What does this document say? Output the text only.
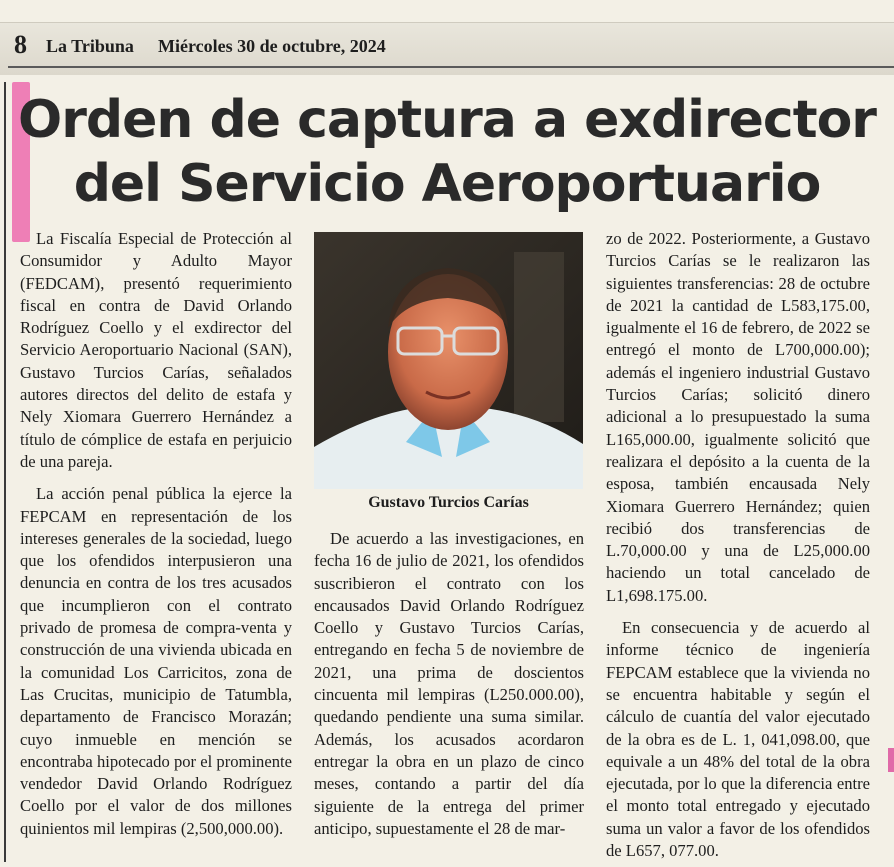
8 La Tribuna Miércoles 30 de octubre, 2024
Orden de captura a exdirector
del Servicio Aeroportuario

La Fiscalía Especial de Protección al Consumidor y Adulto Mayor (FEDCAM), presentó requerimiento fiscal en contra de David Orlando Rodríguez Coello y el exdirector del Servicio Aeroportuario Nacional (SAN), Gustavo Turcios Carías, señalados autores directos del delito de estafa y Nely Xiomara Guerrero Hernández a título de cómplice de estafa en perjuicio de una pareja.

La acción penal pública la ejerce la FEPCAM en representación de los intereses generales de la sociedad, luego que los ofendidos interpusieron una denuncia en contra de los tres acusados que incumplieron con el contrato privado de promesa de compra-venta y construcción de una vivienda ubicada en la comunidad Los Carricitos, zona de Las Crucitas, municipio de Tatumbla, departamento de Francisco Morazán; cuyo inmueble en mención se encontraba hipotecado por el prominente vendedor David Orlando Rodríguez Coello por el valor de dos millones quinientos mil lempiras (2,500,000.00).

Gustavo Turcios Carías

De acuerdo a las investigaciones, en fecha 16 de julio de 2021, los ofendidos suscribieron el contrato con los encausados David Orlando Rodríguez Coello y Gustavo Turcios Carías, entregando en fecha 5 de noviembre de 2021, una prima de doscientos cincuenta mil lempiras (L250.000.00), quedando pendiente una suma similar. Además, los acusados acordaron entregar la obra en un plazo de cinco meses, contando a partir del día siguiente de la entrega del primer anticipo, supuestamente el 28 de mar-

zo de 2022. Posteriormente, a Gustavo Turcios Carías se le realizaron las siguientes transferencias: 28 de octubre de 2021 la cantidad de L583,175.00, igualmente el 16 de febrero, de 2022 se entregó el monto de L700,000.00); además el ingeniero industrial Gustavo Turcios Carías; solicitó dinero adicional a lo presupuestado la suma L165,000.00, igualmente solicitó que realizara el depósito a la cuenta de la esposa, también encausada Nely Xiomara Guerrero Hernández; quien recibió dos transferencias de L.70,000.00 y una de L25,000.00 haciendo un total cancelado de L1,698.175.00.

En consecuencia y de acuerdo al informe técnico de ingeniería FEPCAM establece que la vivienda no se encuentra habitable y según el cálculo de cuantía del valor ejecutado de la obra es de L. 1, 041,098.00, que equivale a un 48% del total de la obra ejecutada, por lo que la diferencia entre el monto total entregado y ejecutado suma un valor a favor de los ofendidos de L657, 077.00.
